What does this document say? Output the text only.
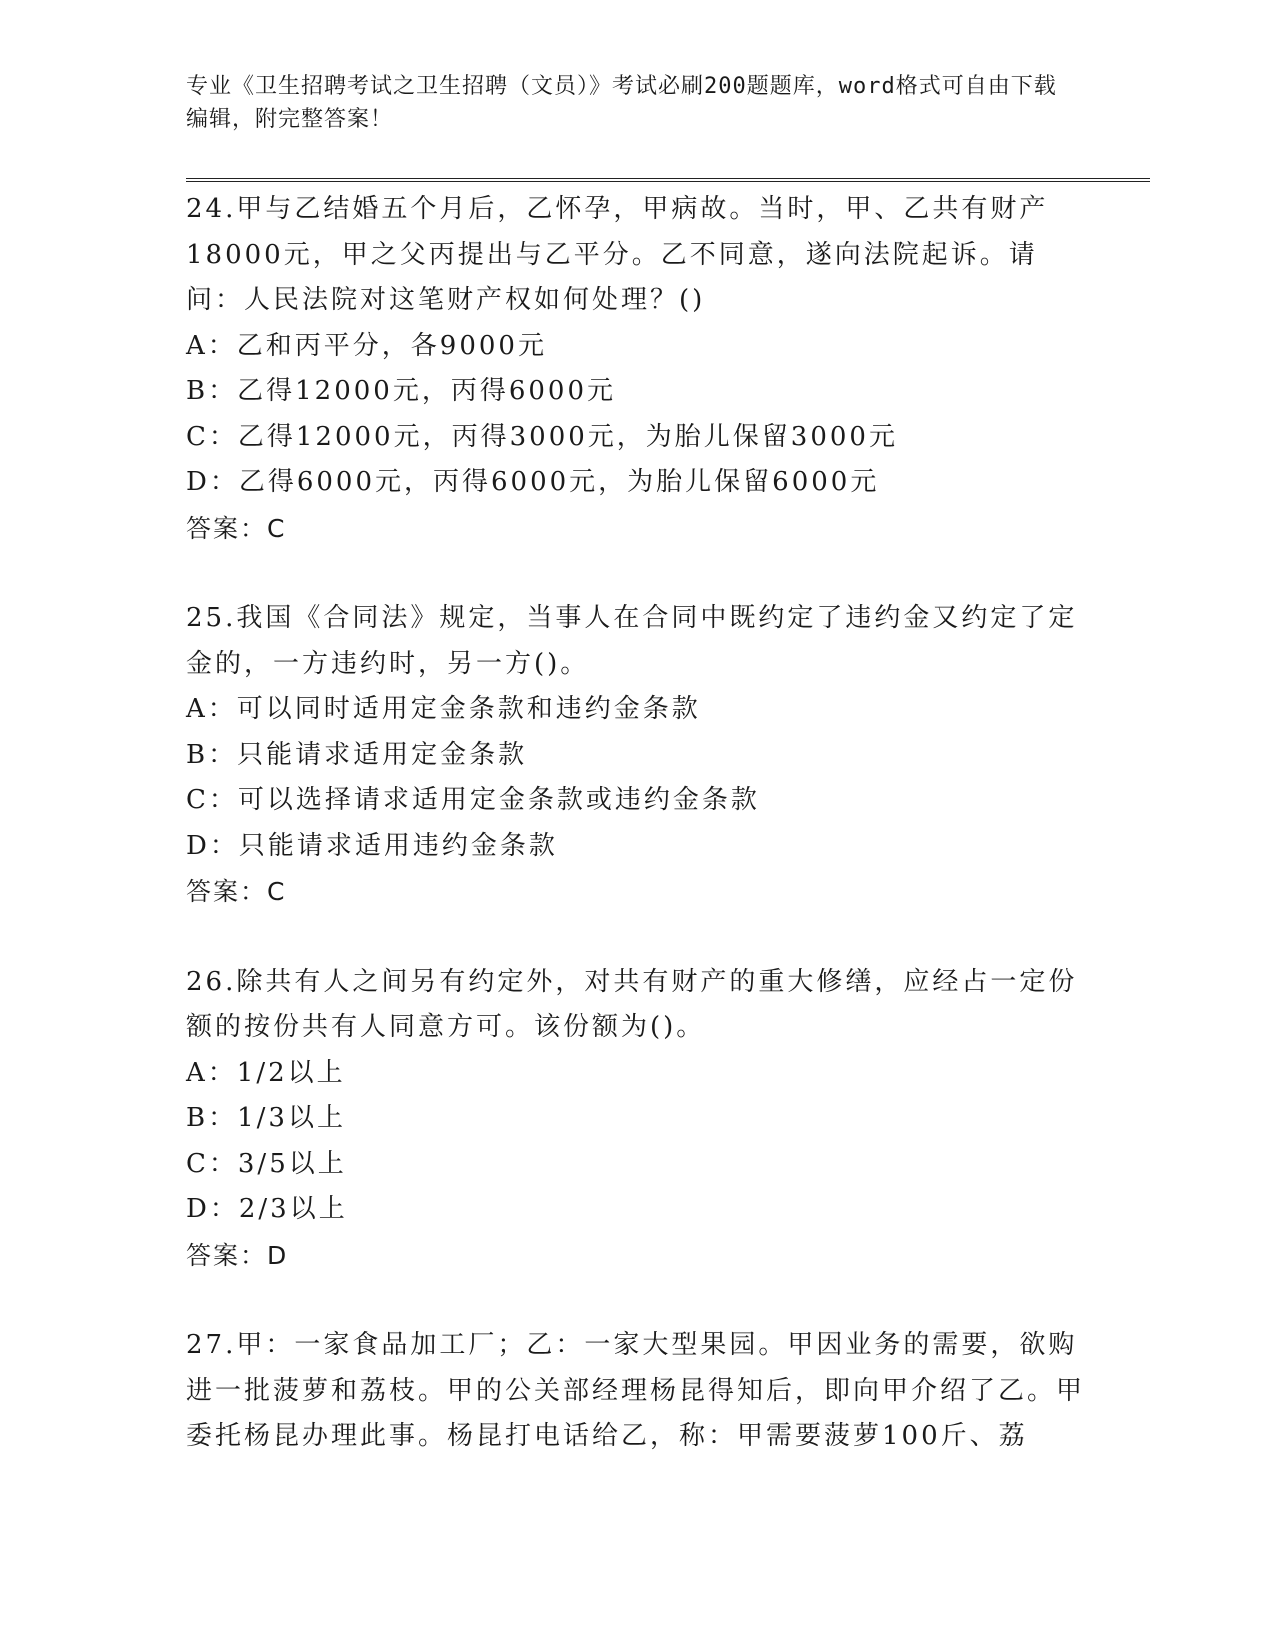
专业《卫生招聘考试之卫生招聘（文员）》考试必刷200题题库，word格式可自由下载编辑，附完整答案！
24.甲与乙结婚五个月后，乙怀孕，甲病故。当时，甲、乙共有财产18000元，甲之父丙提出与乙平分。乙不同意，遂向法院起诉。请问：人民法院对这笔财产权如何处理？()
A：乙和丙平分，各9000元
B：乙得12000元，丙得6000元
C：乙得12000元，丙得3000元，为胎儿保留3000元
D：乙得6000元，丙得6000元，为胎儿保留6000元
答案：C
25.我国《合同法》规定，当事人在合同中既约定了违约金又约定了定金的，一方违约时，另一方()。
A：可以同时适用定金条款和违约金条款
B：只能请求适用定金条款
C：可以选择请求适用定金条款或违约金条款
D：只能请求适用违约金条款
答案：C
26.除共有人之间另有约定外，对共有财产的重大修缮，应经占一定份额的按份共有人同意方可。该份额为()。
A：1/2以上
B：1/3以上
C：3/5以上
D：2/3以上
答案：D
27.甲：一家食品加工厂；乙：一家大型果园。甲因业务的需要，欲购进一批菠萝和荔枝。甲的公关部经理杨昆得知后，即向甲介绍了乙。甲委托杨昆办理此事。杨昆打电话给乙，称：甲需要菠萝100斤、荔
